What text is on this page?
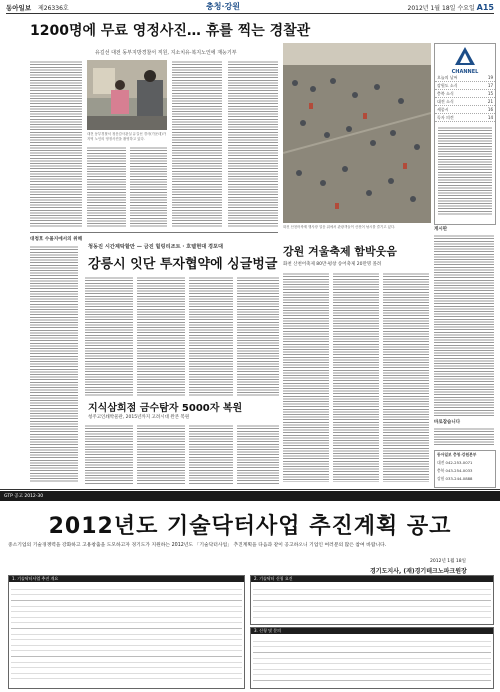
동아일보 제26336호	충청·강원	2012년 1월 18일 수요일 A15
1200명에 무료 영정사진… 휴를 찍는 경찰관
유길선 대전 동부지방경찰서 직원, 지소치유·복지노인에 재능기부
대전 동부경찰서 청문감사관실 유길선 경사(가운데)가 지역 노인의 영정사진을 촬영하고 있다.
CHANNEL
오늘의 날씨	19
강원도 소식	17
충북 소식	15
대전 소식	21
세종시	16
독자 의견	14
대청호 수몰지에서의 위해
청동진 시간제탁할만 — 금진 힐링리조트 · 호텔현대 경포대
강릉시 잇단 투자협약에 싱글벙글
지식삼희점 금수탐자 5000자 복원
청주고인쇄박물관, 2015년까지 고려시대 완본 복원
화천 산천어축제 행사장 얼음 위에서 관광객들이 산천어 낚시를 즐기고 있다.
강원 겨울축제 함박웃음
화천 산천어축제 80만·평창 송어축제 20만명 몰려
게시판
바로잡습니다
동아일보 충청·강원본부
대전 042-253-0071
충북 043-254-0033
강원 033-244-0888
GTP 공고 2012-30
2012년도 기술닥터사업 추진계획 공고
중소기업의 기술경쟁력을 강화하고 고용창출을 도모하고자 경기도가 지원하는 2012년도 「기술닥터사업」 추진계획을 다음과 같이 공고하오니 기업인 여러분의 많은 참여 바랍니다.
2012년 1월 18일
경기도지사, (재)경기테크노파크원장
1. 기술닥터사업 추진 개요	2. 기술닥터 신청 요건
3. 신청 및 문의
